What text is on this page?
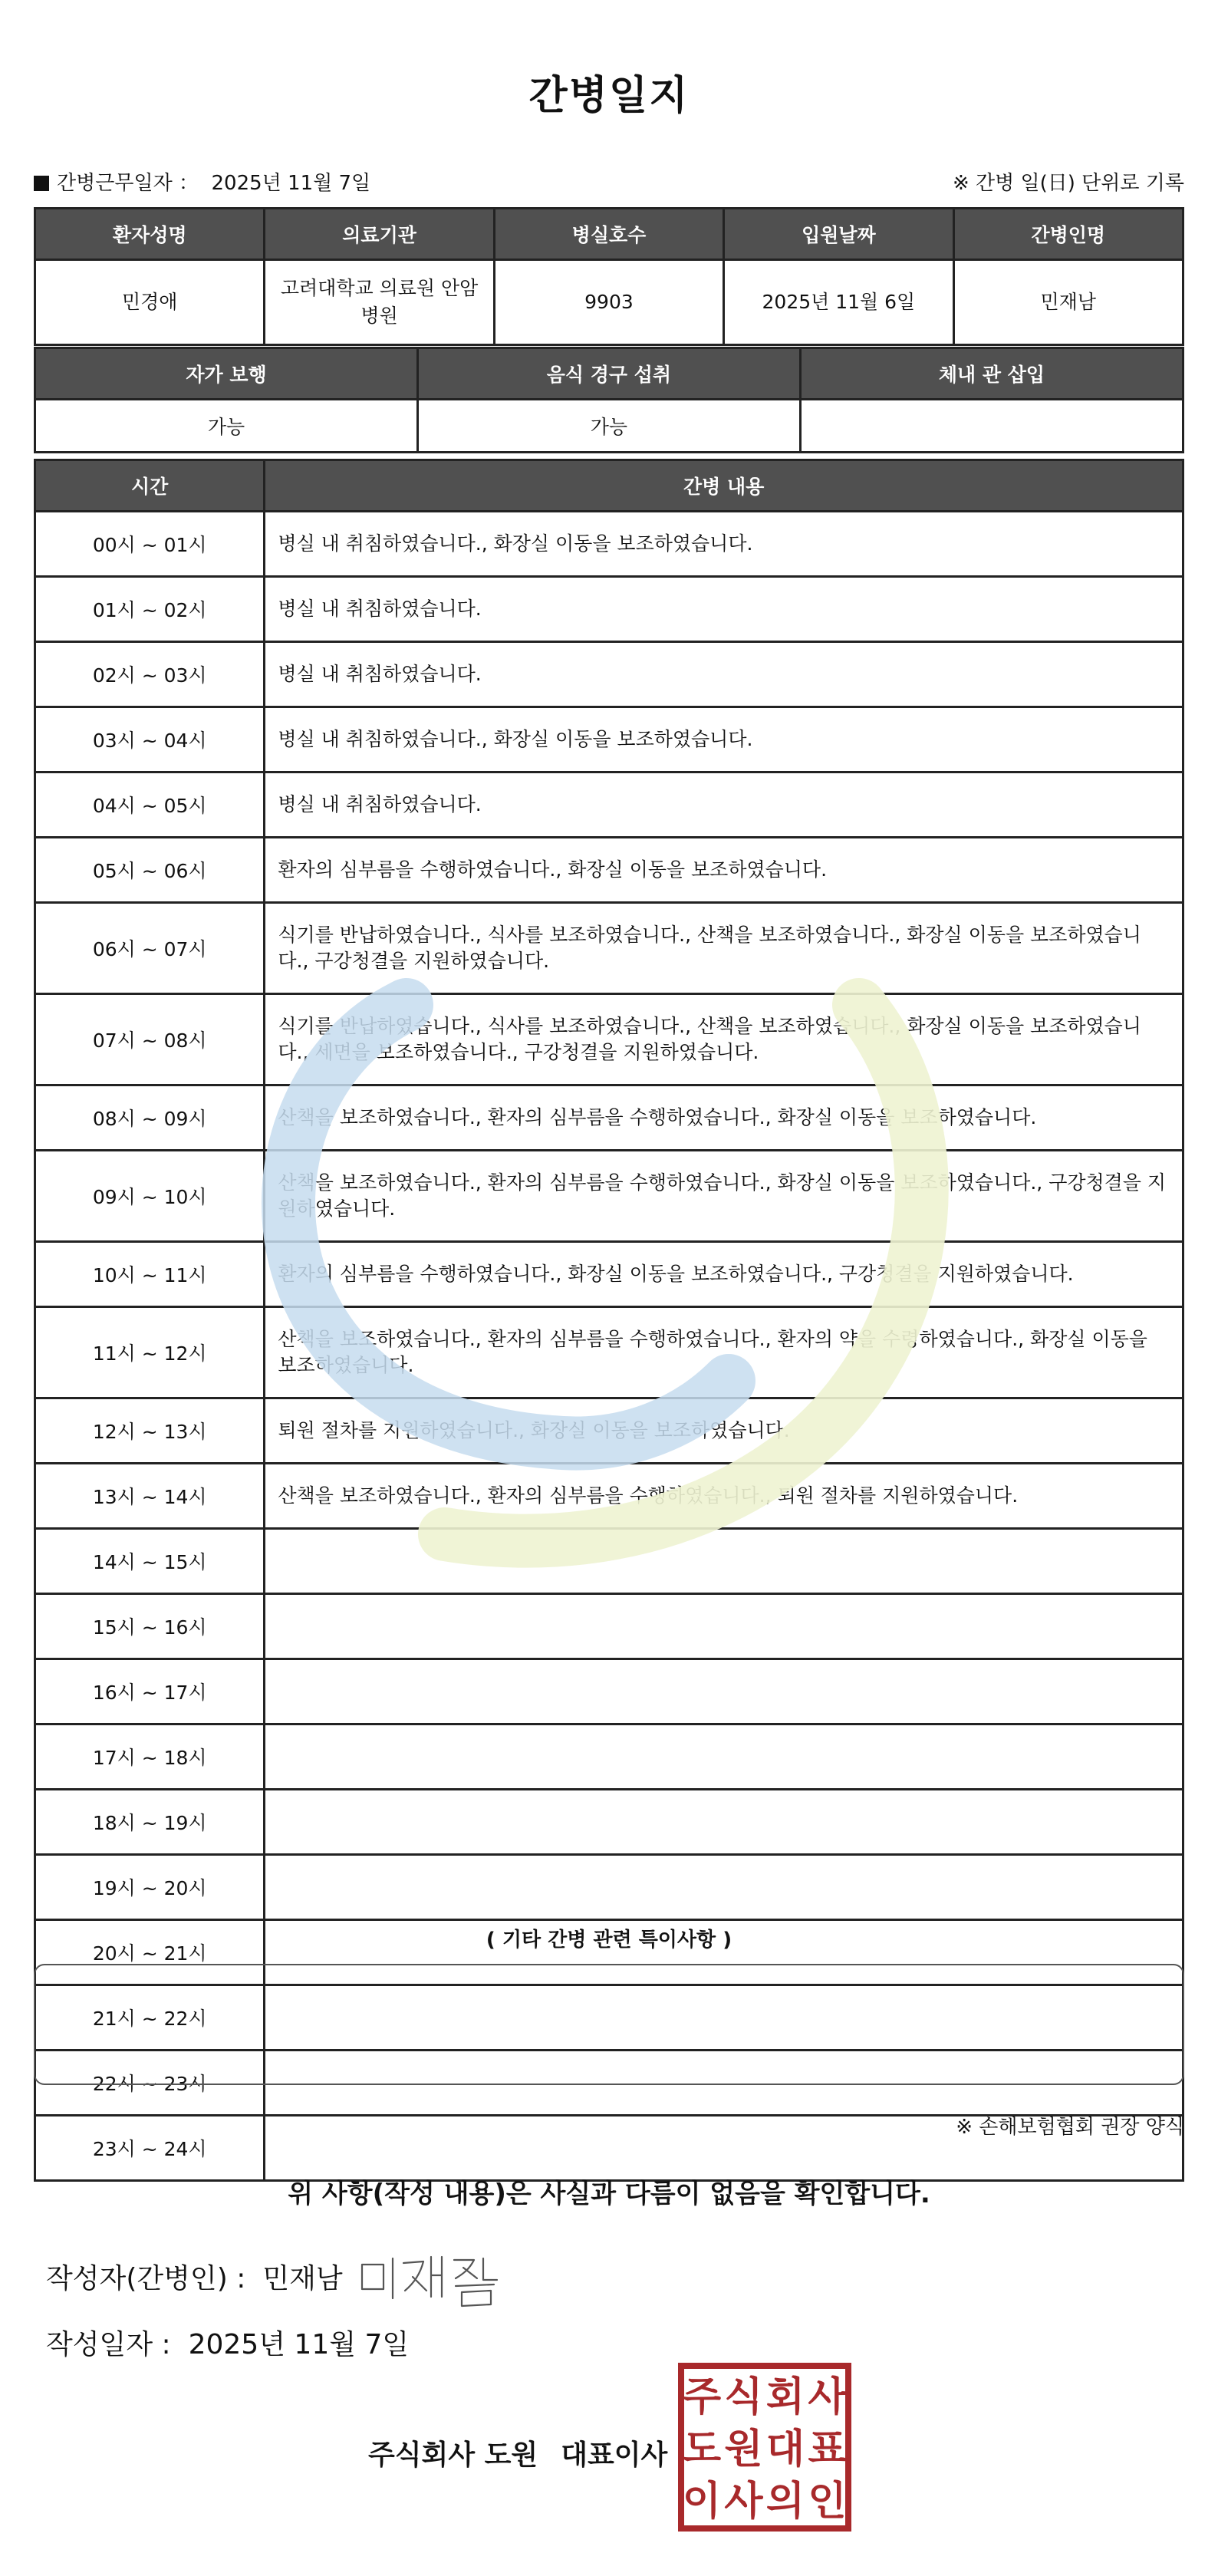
간병일지
간병근무일자 ： 2025년 11월 7일	※ 간병 일(日) 단위로 기록
환자성명	의료기관	병실호수	입원날짜	간병인명
민경애	고려대학교 의료원 안암병원	9903	2025년 11월 6일	민재남
자가 보행	음식 경구 섭취	체내 관 삽입
가능	가능	
시간	간병 내용
00시 ~ 01시	병실 내 취침하였습니다., 화장실 이동을 보조하였습니다.
01시 ~ 02시	병실 내 취침하였습니다.
02시 ~ 03시	병실 내 취침하였습니다.
03시 ~ 04시	병실 내 취침하였습니다., 화장실 이동을 보조하였습니다.
04시 ~ 05시	병실 내 취침하였습니다.
05시 ~ 06시	환자의 심부름을 수행하였습니다., 화장실 이동을 보조하였습니다.
06시 ~ 07시	식기를 반납하였습니다., 식사를 보조하였습니다., 산책을 보조하였습니다., 화장실 이동을 보조하였습니다., 구강청결을 지원하였습니다.
07시 ~ 08시	식기를 반납하였습니다., 식사를 보조하였습니다., 산책을 보조하였습니다., 화장실 이동을 보조하였습니다., 세면을 보조하였습니다., 구강청결을 지원하였습니다.
08시 ~ 09시	산책을 보조하였습니다., 환자의 심부름을 수행하였습니다., 화장실 이동을 보조하였습니다.
09시 ~ 10시	산책을 보조하였습니다., 환자의 심부름을 수행하였습니다., 화장실 이동을 보조하였습니다., 구강청결을 지원하였습니다.
10시 ~ 11시	환자의 심부름을 수행하였습니다., 화장실 이동을 보조하였습니다., 구강청결을 지원하였습니다.
11시 ~ 12시	산책을 보조하였습니다., 환자의 심부름을 수행하였습니다., 환자의 약을 수령하였습니다., 화장실 이동을 보조하였습니다.
12시 ~ 13시	퇴원 절차를 지원하였습니다., 화장실 이동을 보조하였습니다.
13시 ~ 14시	산책을 보조하였습니다., 환자의 심부름을 수행하였습니다., 퇴원 절차를 지원하였습니다.
14시 ~ 15시	
15시 ~ 16시	
16시 ~ 17시	
17시 ~ 18시	
18시 ~ 19시	
19시 ~ 20시	
20시 ~ 21시	
21시 ~ 22시	
22시 ~ 23시	
23시 ~ 24시	
( 기타 간병 관련 특이사항 )
※ 손해보험협회 권장 양식
위 사항(작성 내용)은 사실과 다름이 없음을 확인합니다.
작성자(간병인) : 민재남
작성일자 : 2025년 11월 7일
주식회사 도원 대표이사
주 식 회 사
도 원 대 표
이 사 의 인
